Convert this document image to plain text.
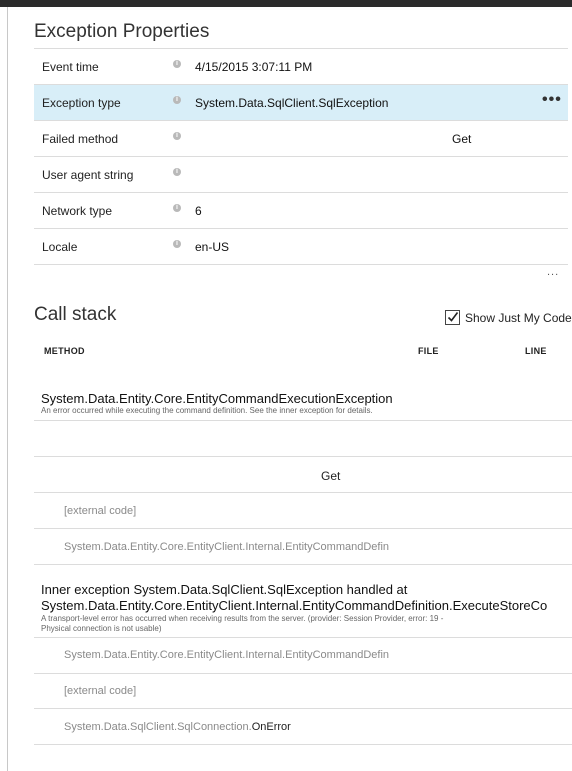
Exception Properties
Event time	i 4/15/2015 3:07:11 PM
Exception type	i System.Data.SqlClient.SqlException	•••
Failed method	i	Get
User agent string	i
Network type	i 6
Locale	i en-US
...
Call stack	Show Just My Code
METHOD	FILE	LINE
System.Data.Entity.Core.EntityCommandExecutionException
An error occurred while executing the command definition. See the inner exception for details.
Get
[external code]
System.Data.Entity.Core.EntityClient.Internal.EntityCommandDefin
Inner exception System.Data.SqlClient.SqlException handled at
System.Data.Entity.Core.EntityClient.Internal.EntityCommandDefinition.ExecuteStoreCo
A transport-level error has occurred when receiving results from the server. (provider: Session Provider, error: 19 -
Physical connection is not usable)
System.Data.Entity.Core.EntityClient.Internal.EntityCommandDefin
[external code]
System.Data.SqlClient.SqlConnection.OnError
